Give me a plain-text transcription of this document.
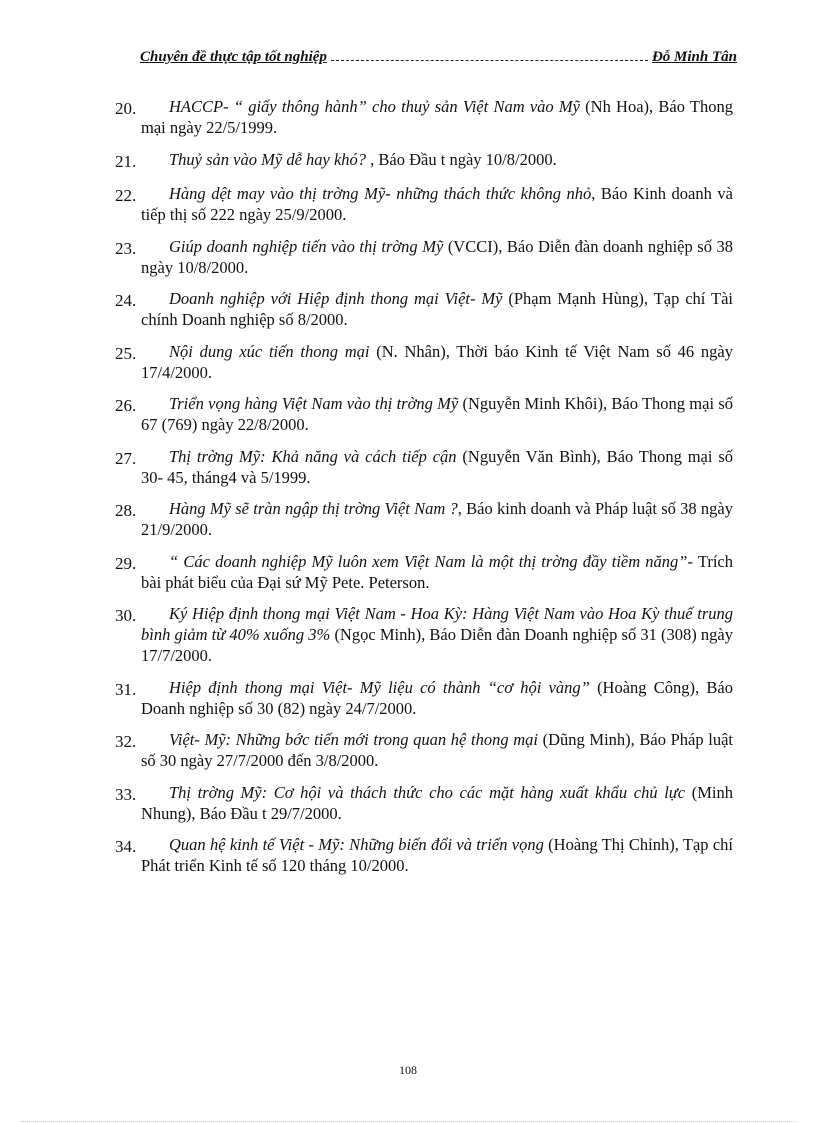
Chuyên đề thực tập tốt nghiệp	Đỗ Minh Tân
20.	HACCP- “ giấy thông hành” cho thuỷ sản Việt Nam vào Mỹ (Nh Hoa), Báo Thong mại ngày 22/5/1999.
21.	Thuỷ sản vào Mỹ dễ hay khó? , Báo Đầu t ngày 10/8/2000.
22.	Hàng dệt may vào thị trờng Mỹ- những thách thức không nhỏ, Báo Kinh doanh và tiếp thị số 222 ngày 25/9/2000.
23.	Giúp doanh nghiệp tiến vào thị trờng Mỹ (VCCI), Báo Diễn đàn doanh nghiệp số 38 ngày 10/8/2000.
24.	Doanh nghiệp với Hiệp định thong mại Việt- Mỹ (Phạm Mạnh Hùng), Tạp chí Tài chính Doanh nghiệp số 8/2000.
25.	Nội dung xúc tiến thong mại (N. Nhân), Thời báo Kinh tế Việt Nam số 46 ngày 17/4/2000.
26.	Triển vọng hàng Việt Nam vào thị trờng Mỹ (Nguyễn Minh Khôi), Báo Thong mại số 67 (769) ngày 22/8/2000.
27.	Thị trờng Mỹ: Khả năng và cách tiếp cận (Nguyễn Văn Bình), Báo Thong mại số 30- 45, tháng4 và 5/1999.
28.	Hàng Mỹ sẽ tràn ngập thị trờng Việt Nam ?, Báo kinh doanh và Pháp luật số 38 ngày 21/9/2000.
29.	“ Các doanh nghiệp Mỹ luôn xem Việt Nam là một thị trờng đầy tiềm năng”- Trích bài phát biểu của Đại sứ Mỹ Pete. Peterson.
30.	Ký Hiệp định thong mại Việt Nam - Hoa Kỳ: Hàng Việt Nam vào Hoa Kỳ thuế trung bình giảm từ 40% xuống 3% (Ngọc Minh), Báo Diễn đàn Doanh nghiệp số 31 (308) ngày 17/7/2000.
31.	Hiệp định thong mại Việt- Mỹ liệu có thành “cơ hội vàng” (Hoàng Công), Báo Doanh nghiệp số 30 (82) ngày 24/7/2000.
32.	Việt- Mỹ: Những bớc tiến mới trong quan hệ thong mại (Dũng Minh), Báo Pháp luật số 30 ngày 27/7/2000 đến 3/8/2000.
33.	Thị trờng Mỹ: Cơ hội và thách thức cho các mặt hàng xuất khẩu chủ lực (Minh Nhung), Báo Đầu t 29/7/2000.
34.	Quan hệ kinh tế Việt - Mỹ: Những biến đổi và triển vọng (Hoàng Thị Chỉnh), Tạp chí Phát triển Kinh tế số 120 tháng 10/2000.
108
